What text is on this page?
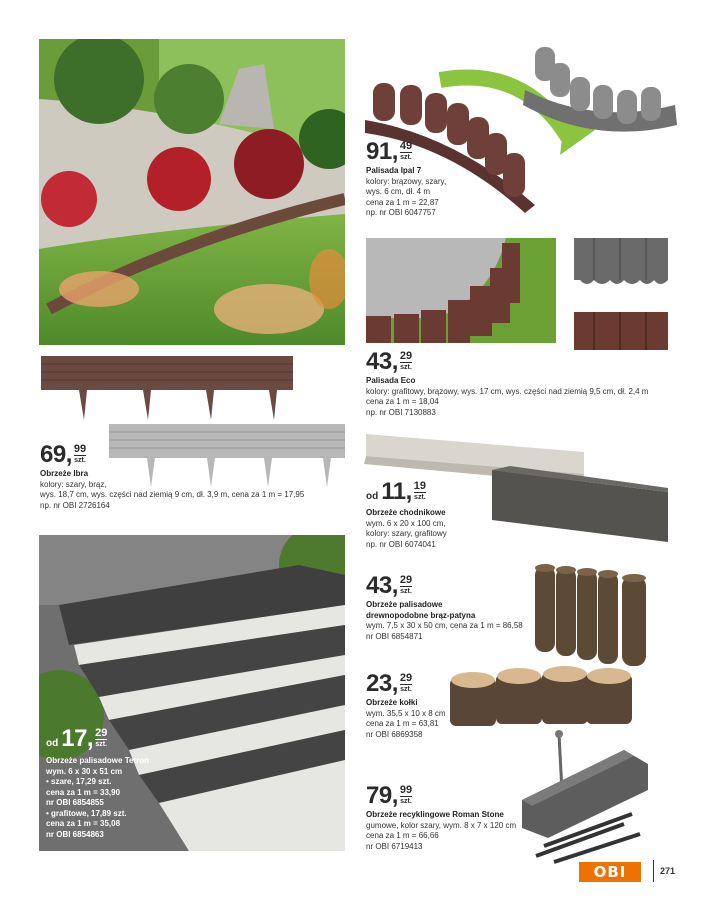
91, $\frac{49}{\text{szt.}}$
Palisada Ipal 7
kolory: brązowy, szary,
wys. 6 cm, dł. 4 m
cena za 1 m = 22,87
np. nr OBI 6047757
43, $\frac{29}{\text{szt.}}$
Palisada Eco
kolory: grafitowy, brązowy, wys. 17 cm, wys. części nad ziemią 9,5 cm, dł. 2,4 m
cena za 1 m = 18,04
np. nr OBI 7130883
69, $\frac{99}{\text{szt.}}$
Obrzeże Ibra
kolory: szary, brąz,
wys. 18,7 cm, wys. części nad ziemią 9 cm, dł. 3,9 m, cena za 1 m = 17,95
np. nr OBI 2726164
od 11, $\frac{19}{\text{szt.}}$
Obrzeże chodnikowe
wym. 6 x 20 x 100 cm,
kolory: szary, grafitowy
np. nr OBI 6074041
43, $\frac{29}{\text{szt.}}$
Obrzeże palisadowe
drewnopodobne brąz-patyna
wym. 7,5 x 30 x 50 cm, cena za 1 m = 86,58
nr OBI 6854871
23, $\frac{29}{\text{szt.}}$
Obrzeże kołki
wym. 35,5 x 10 x 8 cm
cena za 1 m = 63,81
nr OBI 6869358
79, $\frac{99}{\text{szt.}}$
Obrzeże recyklingowe Roman Stone
gumowe, kolor szary, wym. 8 x 7 x 120 cm
cena za 1 m = 66,66
nr OBI 6719413
od 17, $\frac{29}{\text{szt.}}$
Obrzeże palisadowe Tetron
wym. 6 x 30 x 51 cm
• szare, 17,29 szt.
cena za 1 m = 33,90
nr OBI 6854855
• grafitowe, 17,89 szt.
cena za 1 m = 35,08
nr OBI 6854863
OBI	271
